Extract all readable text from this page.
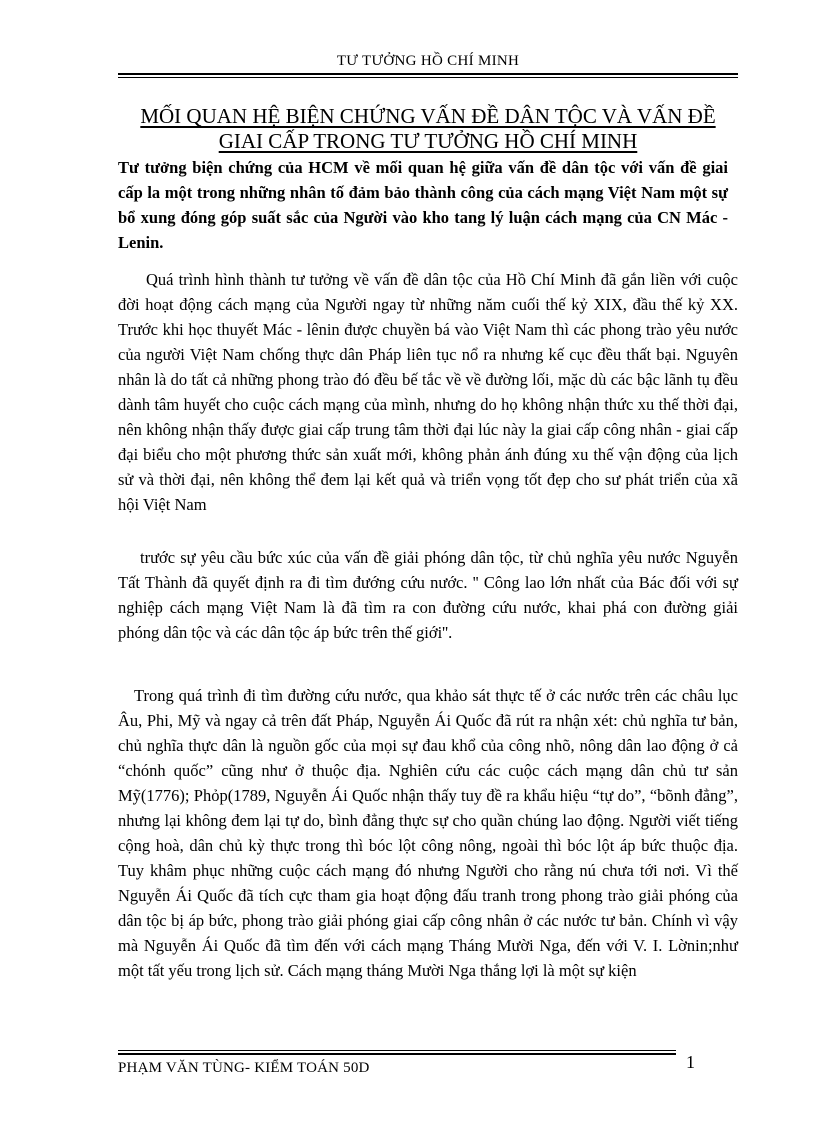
TƯ TƯỞNG HỒ CHÍ MINH
MỐI QUAN HỆ BIỆN CHỨNG VẤN ĐỀ DÂN TỘC VÀ VẤN ĐỀ GIAI CẤP TRONG TƯ TƯỞNG HỒ CHÍ MINH

Tư tưởng biện chứng của HCM về mối quan hệ giữa vấn đề dân tộc với vấn đề giai cấp la một trong những nhân tố đảm bảo thành công của cách mạng Việt Nam một sự bổ xung đóng góp suất sắc của Người vào kho tang lý luận cách mạng của CN Mác - Lenin.

Quá trình hình thành tư tưởng về vấn đề dân tộc của Hồ Chí Minh đã gắn liền với cuộc đời hoạt động cách mạng của Người ngay từ những năm cuối thế kỷ XIX, đầu thế kỷ XX. Trước khi học thuyết Mác - lênin được chuyền bá vào Việt Nam thì các phong trào yêu nước của người Việt Nam chống thực dân Pháp liên tục nổ ra nhưng kế cục đều thất bại. Nguyên nhân là do tất cả những phong trào đó đều bế tắc về về đường lối, mặc dù các bậc lãnh tụ đều dành tâm huyết cho cuộc cách mạng của mình, nhưng do họ không nhận thức xu thế thời đại, nên không nhận thấy được giai cấp trung tâm thời đại lúc này la giai cấp công nhân - giai cấp đại biểu cho một phương thức sản xuất mới, không phản ánh đúng xu thế vận động của lịch sử và thời đại, nên không thể đem lại kết quả và triển vọng tốt đẹp cho sư phát triển của xã hội Việt Nam

trước sự yêu cầu bức xúc của vấn đề giải phóng dân tộc, từ chủ nghĩa yêu nước Nguyễn Tất Thành đã quyết định ra đi tìm đướng cứu nước. '' Công lao lớn nhất của Bác đối với sự nghiệp cách mạng Việt Nam là đã tìm ra con đường cứu nước, khai phá con đường giải phóng dân tộc và các dân tộc áp bức trên thế giới''.

Trong quá trình đi tìm đường cứu nước, qua khảo sát thực tế ở các nước trên các châu lục Âu, Phi, Mỹ và ngay cả trên đất Pháp, Nguyễn Ái Quốc đã rút ra nhận xét: chủ nghĩa tư bản, chủ nghĩa thực dân là nguồn gốc của mọi sự đau khổ của công nhõ, nông dân lao động ở cả “chónh quốc” cũng như ở thuộc địa. Nghiên cứu các cuộc cách mạng dân chủ tư sản Mỹ(1776); Phỏp(1789, Nguyễn Ái Quốc nhận thấy tuy đề ra khẩu hiệu “tự do”, “bõnh đẳng”, nhưng lại không đem lại tự do, bình đẳng thực sự cho quần chúng lao động. Người viết tiếng cộng hoà, dân chủ kỳ thực trong thì bóc lột công nông, ngoài thì bóc lột áp bức thuộc địa. Tuy khâm phục những cuộc cách mạng đó nhưng Người cho rằng nú chưa tới nơi. Vì thế Nguyễn Ái Quốc đã tích cực tham gia hoạt động đấu tranh trong phong trào giải phóng của dân tộc bị áp bức, phong trào giải phóng giai cấp công nhân ở các nước tư bản. Chính vì vậy mà Nguyễn Ái Quốc đã tìm đến với cách mạng Tháng Mười Nga, đến với V. I. Lờnin;như một tất yếu trong lịch sử. Cách mạng tháng Mười Nga thắng lợi là một sự kiện

PHẠM VĂN TÙNG- KIỂM TOÁN 50D	1
